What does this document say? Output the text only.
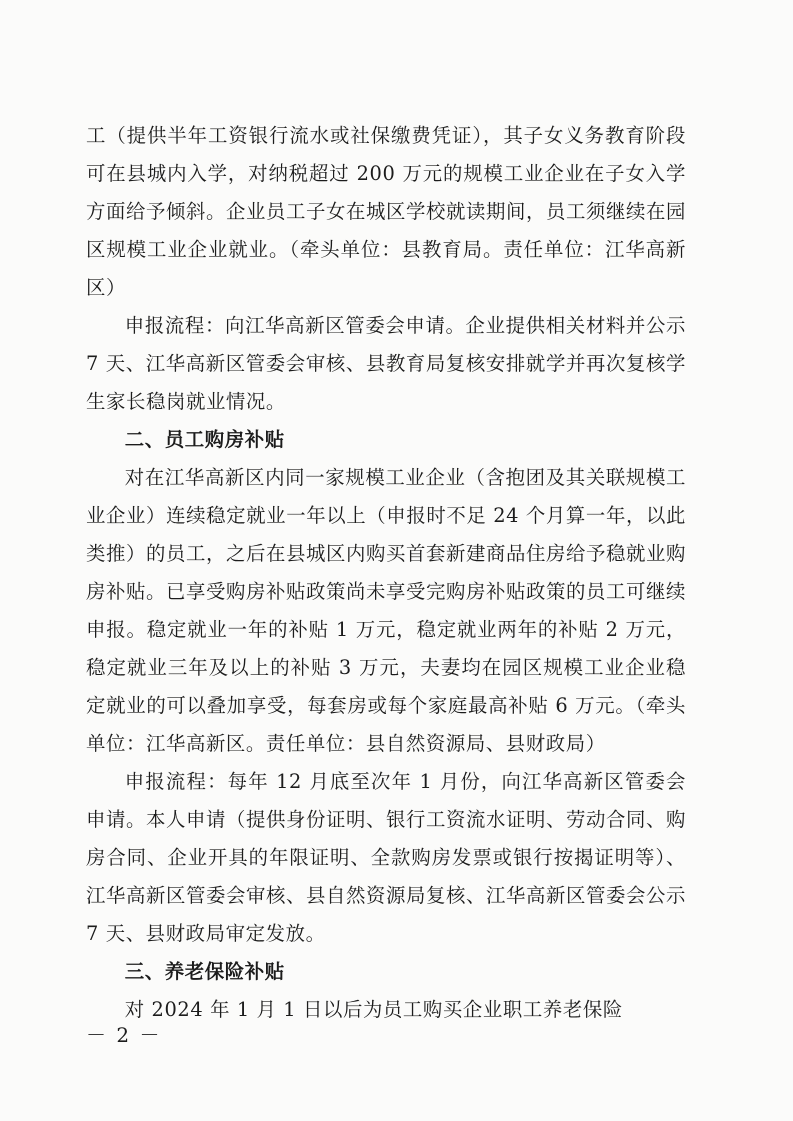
工（提供半年工资银行流水或社保缴费凭证），其子女义务教育阶段可在县城内入学，对纳税超过 200 万元的规模工业企业在子女入学方面给予倾斜。企业员工子女在城区学校就读期间，员工须继续在园区规模工业企业就业。（牵头单位：县教育局。责任单位：江华高新区）

申报流程：向江华高新区管委会申请。企业提供相关材料并公示 7 天、江华高新区管委会审核、县教育局复核安排就学并再次复核学生家长稳岗就业情况。

二、员工购房补贴

对在江华高新区内同一家规模工业企业（含抱团及其关联规模工业企业）连续稳定就业一年以上（申报时不足 24 个月算一年，以此类推）的员工，之后在县城区内购买首套新建商品住房给予稳就业购房补贴。已享受购房补贴政策尚未享受完购房补贴政策的员工可继续申报。稳定就业一年的补贴 1 万元，稳定就业两年的补贴 2 万元，稳定就业三年及以上的补贴 3 万元，夫妻均在园区规模工业企业稳定就业的可以叠加享受，每套房或每个家庭最高补贴 6 万元。（牵头单位：江华高新区。责任单位：县自然资源局、县财政局）

申报流程：每年 12 月底至次年 1 月份，向江华高新区管委会申请。本人申请（提供身份证明、银行工资流水证明、劳动合同、购房合同、企业开具的年限证明、全款购房发票或银行按揭证明等）、江华高新区管委会审核、县自然资源局复核、江华高新区管委会公示 7 天、县财政局审定发放。

三、养老保险补贴

对 2024 年 1 月 1 日以后为员工购买企业职工养老保险

－ 2 －
